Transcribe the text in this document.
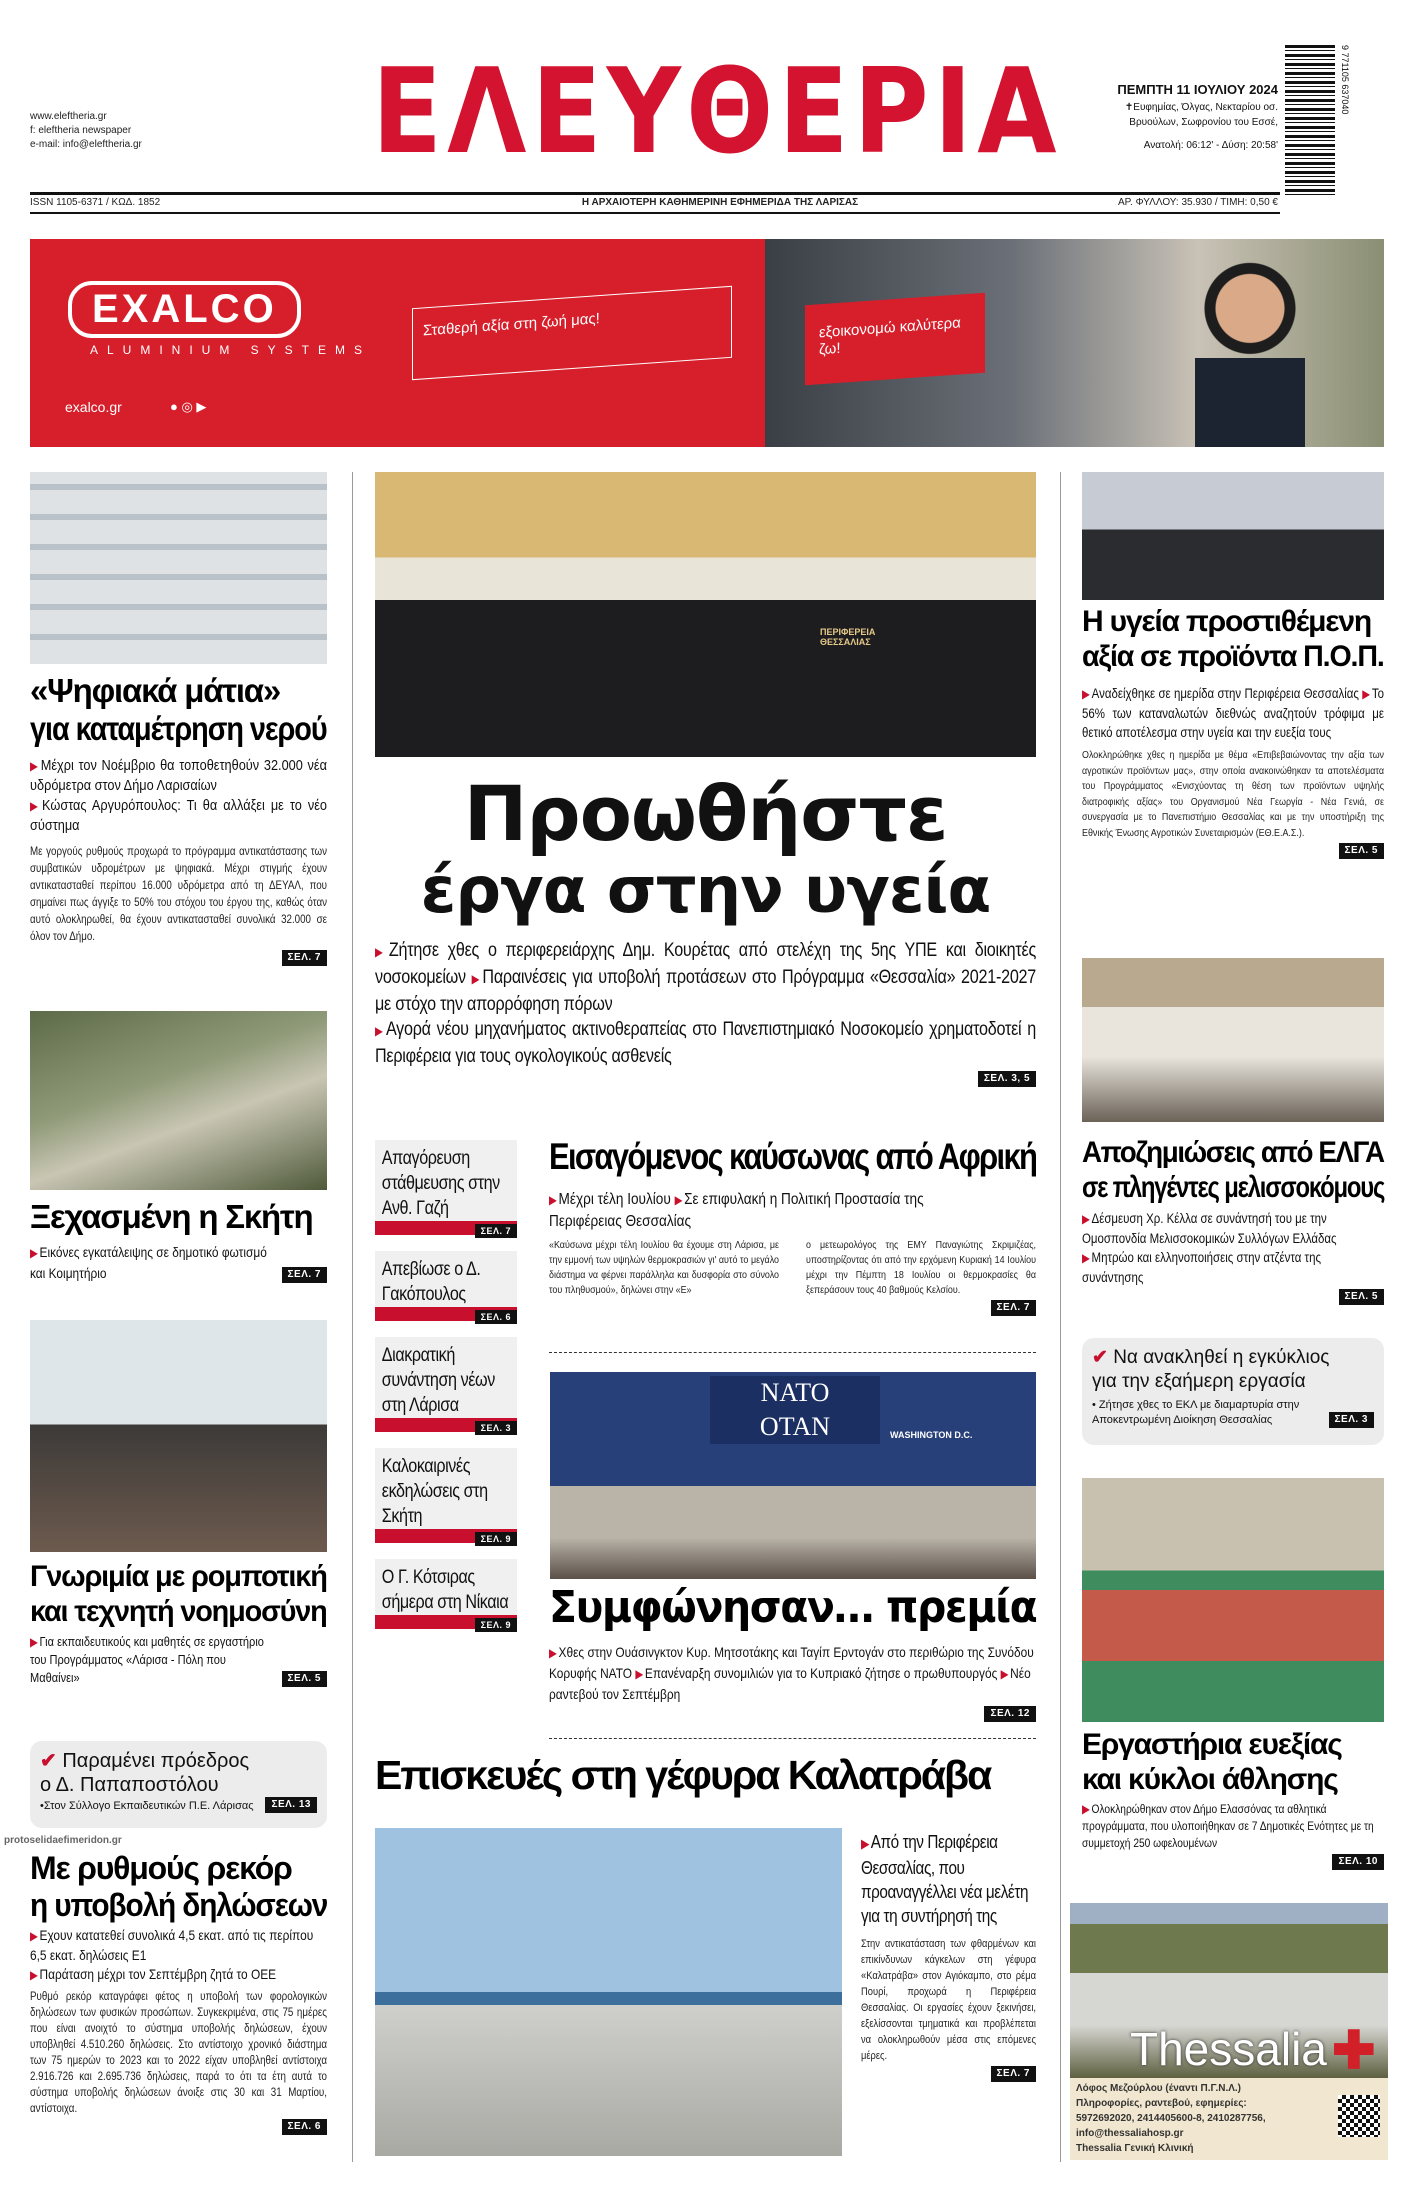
www.eleftheria.gr
f: eleftheria newspaper
e-mail: info@eleftheria.gr ΕΛΕΥΘΕΡΙΑ	ΠΕΜΠΤΗ 11 ΙΟΥΛΙΟΥ 2024
✝Ευφημίας, Όλγας, Νεκταρίου οσ. Βρυούλων, Σωφρονίου του Εσσέ,
Ανατολή: 06:12' - Δύση: 20:58'
9 771105 637040
ISSN 1105-6371 / ΚΩΔ. 1852	Η ΑΡΧΑΙΟΤΕΡΗ ΚΑΘΗΜΕΡΙΝΗ ΕΦΗΜΕΡΙΔΑ ΤΗΣ ΛΑΡΙΣΑΣ	ΑΡ. ΦΥΛΛΟΥ: 35.930 / ΤΙΜΗ: 0,50 €
EXALCO
ALUMINIUM SYSTEMS
exalco.gr	● ◎ ▶
Σταθερή αξία στη ζωή μας!	εξοικονομώ καλύτερα ζω!
«Ψηφιακά μάτια»
για καταμέτρηση νερού
▶ Μέχρι τον Νοέμβριο θα τοποθετηθούν 32.000 νέα υδρόμετρα στον Δήμο Λαρισαίων
▶ Κώστας Αργυρόπουλος: Τι θα αλλάξει με το νέο σύστημα
Με γοργούς ρυθμούς προχωρά το πρόγραμμα αντικατάστασης των συμβατικών υδρομέτρων με ψηφιακά. Μέχρι στιγμής έχουν αντικατασταθεί περίπου 16.000 υδρόμετρα από τη ΔΕΥΑΛ, που σημαίνει πως άγγιξε το 50% του στόχου του έργου της, καθώς όταν αυτό ολοκληρωθεί, θα έχουν αντικατασταθεί συνολικά 32.000 σε όλον τον Δήμο.
ΣΕΛ. 7
Ξεχασμένη η Σκήτη
▶ Εικόνες εγκατάλειψης σε δημοτικό φωτισμό και Κοιμητήριο	ΣΕΛ. 7
Γνωριμία με ρομποτική
και τεχνητή νοημοσύνη
▶ Για εκπαιδευτικούς και μαθητές σε εργαστήριο του Προγράμματος «Λάρισα - Πόλη που Μαθαίνει»	ΣΕΛ. 5
✔ Παραμένει πρόεδρος
ο Δ. Παπαποστόλου
•Στον Σύλλογο Εκπαιδευτικών Π.Ε. Λάρισας	ΣΕΛ. 13
protoselidaefimeridon.gr
Με ρυθμούς ρεκόρ
η υποβολή δηλώσεων
▶ Εχουν κατατεθεί συνολικά 4,5 εκατ. από τις περίπου 6,5 εκατ. δηλώσεις Ε1
▶ Παράταση μέχρι τον Σεπτέμβρη ζητά το ΟΕΕ
Ρυθμό ρεκόρ καταγράφει φέτος η υποβολή των φορολογικών δηλώσεων των φυσικών προσώπων. Συγκεκριμένα, στις 75 ημέρες που είναι ανοιχτό το σύστημα υποβολής δηλώσεων, έχουν υποβληθεί 4.510.260 δηλώσεις. Στο αντίστοιχο χρονικό διάστημα των 75 ημερών το 2023 και το 2022 είχαν υποβληθεί αντίστοιχα 2.916.726 και 2.695.736 δηλώσεις, παρά το ότι τα έτη αυτά το σύστημα υποβολής δηλώσεων άνοιξε στις 30 και 31 Μαρτίου, αντίστοιχα.
ΣΕΛ. 6
ΠΕΡΙΦΕΡΕΙΑ ΘΕΣΣΑΛΙΑΣ
Προωθήστε
έργα στην υγεία
▶Ζήτησε χθες ο περιφερειάρχης Δημ. Κουρέτας από στελέχη της 5ης ΥΠΕ και διοικητές νοσοκομείων ▶Παραινέσεις για υποβολή προτάσεων στο Πρόγραμμα «Θεσσαλία» 2021-2027 με στόχο την απορρόφηση πόρων
▶Αγορά νέου μηχανήματος ακτινοθεραπείας στο Πανεπιστημιακό Νοσοκομείο χρηματοδοτεί η Περιφέρεια για τους ογκολογικούς ασθενείς
ΣΕΛ. 3, 5
Απαγόρευση στάθμευσης στην Ανθ. Γαζή
ΣΕΛ. 7
Απεβίωσε ο Δ. Γακόπουλος
ΣΕΛ. 6
Διακρατική συνάντηση νέων στη Λάρισα
ΣΕΛ. 3
Καλοκαιρινές εκδηλώσεις στη Σκήτη
ΣΕΛ. 9
Ο Γ. Κότσιρας σήμερα στη Νίκαια
ΣΕΛ. 9
Εισαγόμενος καύσωνας από Αφρική
▶ Μέχρι τέλη Ιουλίου ▶ Σε επιφυλακή η Πολιτική Προστασία της Περιφέρειας Θεσσαλίας
«Καύσωνα μέχρι τέλη Ιουλίου θα έχουμε στη Λάρισα, με την εμμονή των υψηλών θερμοκρασιών γι' αυτό το μεγάλο διάστημα να φέρνει παράλληλα και δυσφορία στο σύνολο του πληθυσμού», δηλώνει στην «Ε»
ο μετεωρολόγος της ΕΜΥ Παναγιώτης Σκριμιζέας, υποστηρίζοντας ότι από την ερχόμενη Κυριακή 14 Ιουλίου μέχρι την Πέμπτη 18 Ιουλίου οι θερμοκρασίες θα ξεπεράσουν τους 40 βαθμούς Κελσίου.
ΣΕΛ. 7
NATO
OTAN	WASHINGTON D.C.
Συμφώνησαν… πρεμία
▶ Χθες στην Ουάσινγκτον Κυρ. Μητσοτάκης και Ταγίπ Ερντογάν στο περιθώριο της Συνόδου Κορυφής ΝΑΤΟ ▶ Επανέναρξη συνομιλιών για το Κυπριακό ζήτησε ο πρωθυπουργός ▶ Νέο ραντεβού τον Σεπτέμβρη
ΣΕΛ. 12
Επισκευές στη γέφυρα Καλατράβα
▶Από την Περιφέρεια Θεσσαλίας, που προαναγγέλλει νέα μελέτη για τη συντήρησή της
Στην αντικατάσταση των φθαρμένων και επικίνδυνων κάγκελων στη γέφυρα «Καλατράβα» στον Αγιόκαμπο, στο ρέμα Πουρί, προχωρά η Περιφέρεια Θεσσαλίας. Οι εργασίες έχουν ξεκινήσει, εξελίσσονται τμηματικά και προβλέπεται να ολοκληρωθούν μέσα στις επόμενες μέρες.
ΣΕΛ. 7
Η υγεία προστιθέμενη
αξία σε προϊόντα Π.Ο.Π.
▶ Αναδείχθηκε σε ημερίδα στην Περιφέρεια Θεσσαλίας ▶ Το 56% των καταναλωτών διεθνώς αναζητούν τρόφιμα με θετικό αποτέλεσμα στην υγεία και την ευεξία τους
Ολοκληρώθηκε χθες η ημερίδα με θέμα «Επιβεβαιώνοντας την αξία των αγροτικών προϊόντων μας», στην οποία ανακοινώθηκαν τα αποτελέσματα του Προγράμματος «Ενισχύοντας τη θέση των προϊόντων υψηλής διατροφικής αξίας» του Οργανισμού Νέα Γεωργία - Νέα Γενιά, σε συνεργασία με το Πανεπιστήμιο Θεσσαλίας και με την υποστήριξη της Εθνικής Ένωσης Αγροτικών Συνεταιρισμών (ΕΘ.Ε.Α.Σ.).
ΣΕΛ. 5
Αποζημιώσεις από ΕΛΓΑ
σε πληγέντες μελισσοκόμους
▶ Δέσμευση Χρ. Κέλλα σε συνάντησή του με την Ομοσπονδία Μελισσοκομικών Συλλόγων Ελλάδας ▶ Μητρώο και ελληνοποιήσεις στην ατζέντα της συνάντησης
ΣΕΛ. 5
✔ Να ανακληθεί η εγκύκλιος
για την εξαήμερη εργασία
• Ζήτησε χθες το ΕΚΛ με διαμαρτυρία στην Αποκεντρωμένη Διοίκηση Θεσσαλίας	ΣΕΛ. 3
Εργαστήρια ευεξίας
και κύκλοι άθλησης
▶ Ολοκληρώθηκαν στον Δήμο Ελασσόνας τα αθλητικά προγράμματα, που υλοποιήθηκαν σε 7 Δημοτικές Ενότητες με τη συμμετοχή 250 ωφελουμένων
ΣΕΛ. 10
Thessalia ✚
Λόφος Μεζούρλου (έναντι Π.Γ.Ν.Λ.)
Πληροφορίες, ραντεβού, εφημερίες:
5972692020, 2414405600-8, 2410287756,
info@thessaliahosp.gr
Thessalia Γενική Κλινική
